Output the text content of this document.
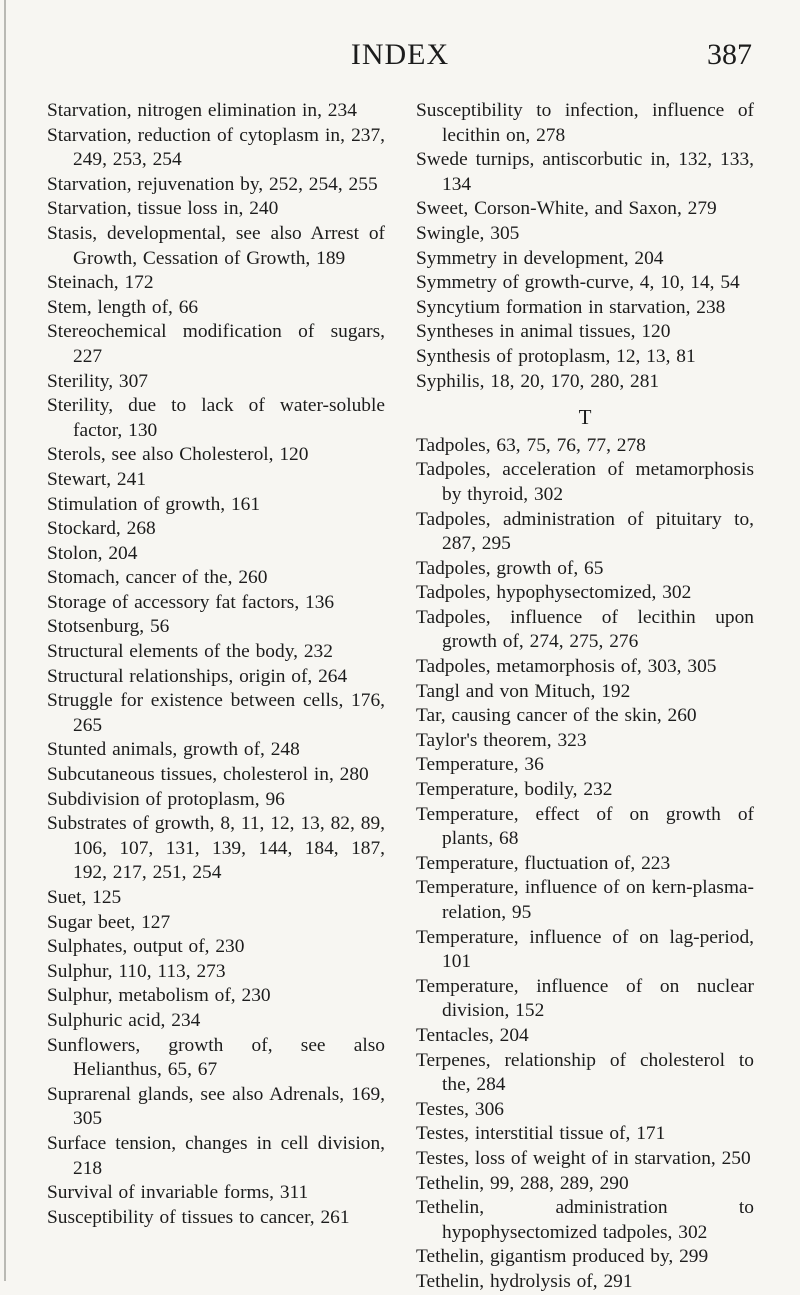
INDEX	387
Starvation, nitrogen elimination in, 234
Starvation, reduction of cytoplasm in, 237, 249, 253, 254
Starvation, rejuvenation by, 252, 254, 255
Starvation, tissue loss in, 240
Stasis, developmental, see also Arrest of Growth, Cessation of Growth, 189
Steinach, 172
Stem, length of, 66
Stereochemical modification of sugars, 227
Sterility, 307
Sterility, due to lack of water-soluble factor, 130
Sterols, see also Cholesterol, 120
Stewart, 241
Stimulation of growth, 161
Stockard, 268
Stolon, 204
Stomach, cancer of the, 260
Storage of accessory fat factors, 136
Stotsenburg, 56
Structural elements of the body, 232
Structural relationships, origin of, 264
Struggle for existence between cells, 176, 265
Stunted animals, growth of, 248
Subcutaneous tissues, cholesterol in, 280
Subdivision of protoplasm, 96
Substrates of growth, 8, 11, 12, 13, 82, 89, 106, 107, 131, 139, 144, 184, 187, 192, 217, 251, 254
Suet, 125
Sugar beet, 127
Sulphates, output of, 230
Sulphur, 110, 113, 273
Sulphur, metabolism of, 230
Sulphuric acid, 234
Sunflowers, growth of, see also Helianthus, 65, 67
Suprarenal glands, see also Adrenals, 169, 305
Surface tension, changes in cell division, 218
Survival of invariable forms, 311
Susceptibility of tissues to cancer, 261
Susceptibility to infection, influence of lecithin on, 278
Swede turnips, antiscorbutic in, 132, 133, 134
Sweet, Corson-White, and Saxon, 279
Swingle, 305
Symmetry in development, 204
Symmetry of growth-curve, 4, 10, 14, 54
Syncytium formation in starvation, 238
Syntheses in animal tissues, 120
Synthesis of protoplasm, 12, 13, 81
Syphilis, 18, 20, 170, 280, 281
T
Tadpoles, 63, 75, 76, 77, 278
Tadpoles, acceleration of metamorphosis by thyroid, 302
Tadpoles, administration of pituitary to, 287, 295
Tadpoles, growth of, 65
Tadpoles, hypophysectomized, 302
Tadpoles, influence of lecithin upon growth of, 274, 275, 276
Tadpoles, metamorphosis of, 303, 305
Tangl and von Mituch, 192
Tar, causing cancer of the skin, 260
Taylor's theorem, 323
Temperature, 36
Temperature, bodily, 232
Temperature, effect of on growth of plants, 68
Temperature, fluctuation of, 223
Temperature, influence of on kern-plasma-relation, 95
Temperature, influence of on lag-period, 101
Temperature, influence of on nuclear division, 152
Tentacles, 204
Terpenes, relationship of cholesterol to the, 284
Testes, 306
Testes, interstitial tissue of, 171
Testes, loss of weight of in starvation, 250
Tethelin, 99, 288, 289, 290
Tethelin, administration to hypophysectomized tadpoles, 302
Tethelin, gigantism produced by, 299
Tethelin, hydrolysis of, 291
